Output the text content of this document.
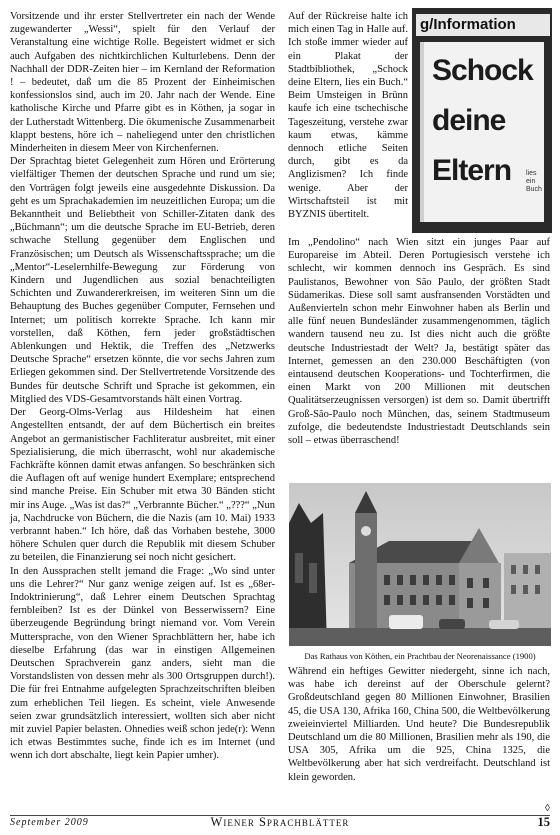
Vorsitzende und ihr erster Stellvertreter ein nach der Wende zugewanderter „Wessi“, spielt für den Verlauf der Veranstaltung eine wichtige Rolle. Begeistert widmet er sich auch Aufgaben des nichtkirchlichen Kulturlebens. Denn der Nachhall der DDR-Zeiten hier – im Kernland der Reformation ! – bedeutet, daß um die 85 Prozent der Einheimischen konfessionslos sind, auch im 20. Jahr nach der Wende. Eine katholische Kirche und Pfarre gibt es in Köthen, ja sogar in der Lutherstadt Wittenberg. Die ökumenische Zusammenarbeit klappt bestens, höre ich – naheliegend unter den christlichen Minderheiten in diesem Meer von Kirchenfernen.

Der Sprachtag bietet Gelegenheit zum Hören und Erörterung vielfältiger Themen der deutschen Sprache und rund um sie; den Vorträgen folgt jeweils eine ausgedehnte Diskussion. Da geht es um Sprachakademien im neuzeitlichen Europa; um die Bekanntheit und Beliebtheit von Schiller-Zitaten dank des „Büchmann“; um die deutsche Sprache im EU-Betrieb, deren schwache Stellung gegenüber dem Englischen und Französischen; um Deutsch als Wissenschaftssprache; um die „Mentor“-Leselernhilfe-Bewegung zur Förderung von Kindern und Jugendlichen aus sozial benachteiligten Schichten und Zuwandererkreisen, im weiteren Sinn um die Behauptung des Buches gegenüber Computer, Fernsehen und Internet; um politisch korrekte Sprache. Ich kann mir vorstellen, daß Köthen, fern jeder großstädtischen Ablenkungen und Hektik, die Treffen des „Netzwerks Deutsche Sprache“ ersetzen könnte, die vor sechs Jahren zum Erliegen gekommen sind. Der Stellvertretende Vorsitzende des Bundes für deutsche Schrift und Sprache ist gekommen, ein Mitglied des VDS-Gesamtvorstands hält einen Vortrag.

Der Georg-Olms-Verlag aus Hildesheim hat einen Angestellten entsandt, der auf dem Büchertisch ein breites Angebot an germanistischer Fachliteratur ausbreitet, mit einer Spezialisierung, die mich überrascht, wohl nur akademische Fachkräfte können damit etwas anfangen. So beschränken sich die Auflagen oft auf wenige hundert Exemplare; entsprechend sind manche Preise. Ein Schuber mit etwa 30 Bänden sticht mir ins Auge. „Was ist das?“ „Verbrannte Bücher.“ „???“ „Nun ja, Nachdrucke von Büchern, die die Nazis (am 10. Mai) 1933 verbrannt haben.“ Ich höre, daß das Vorhaben bestehe, 3000 höhere Schulen quer durch die Republik mit diesem Schuber zu beteilen, die Finanzierung sei noch nicht gesichert.

In den Aussprachen stellt jemand die Frage: „Wo sind unter uns die Lehrer?“ Nur ganz wenige zeigen auf. Ist es „68er-Indoktrinierung“, daß Lehrer einem Deutschen Sprachtag fernbleiben? Ist es der Dünkel von Besserwissern? Eine überzeugende Begründung bringt niemand vor. Vom Verein Muttersprache, von den Wiener Sprachblättern her, habe ich dieselbe Erfahrung (das war in einstigen Allgemeinen Deutschen Sprachverein ganz anders, sieht man die Vorstandslisten von dessen mehr als 300 Ortsgruppen durch!). Die für frei Entnahme aufgelegten Sprachzeitschriften bleiben zum erheblichen Teil liegen. Es scheint, viele Anwesende seien zwar grundsätzlich interessiert, wollten sich aber nicht mit zuviel Papier belasten. Ohnedies weiß schon jede(r): Wenn ich etwas Bestimmtes suche, finde ich es im Internet (und wenn ich dort abschalte, liegt kein Papier umher).

Auf der Rückreise halte ich mich einen Tag in Halle auf. Ich stoße immer wieder auf ein Plakat der Stadtbibliothek, „Schock deine Eltern, lies ein Buch.“ Beim Umsteigen in Brünn kaufe ich eine tschechische Tageszeitung, verstehe zwar kaum etwas, kämme dennoch etliche Seiten durch, gibt es da Anglizismen? Ich finde wenige. Aber der Wirtschaftsteil ist mit BYZNIS übertitelt.

g/Information
Schock
deine
Eltern lies
ein
Buch

Im „Pendolino“ nach Wien sitzt ein junges Paar auf Europareise im Abteil. Deren Portugiesisch verstehe ich schlecht, wir kommen dennoch ins Gespräch. Es sind Paulistanos, Bewohner von São Paulo, der größten Stadt Südamerikas. Diese soll samt ausfransenden Vorstädten und Außenvierteln schon mehr Einwohner haben als Berlin und alle fünf neuen Bundesländer zusammengenommen, täglich wandern tausend neu zu. Ist dies nicht auch die größte deutsche Industriestadt der Welt? Ja, bestätigt später das Internet, gemessen an den 230.000 Beschäftigten (von eintausend deutschen Kooperations- und Tochterfirmen, die einen Markt von 200 Millionen mit deutschen Qualitätserzeugnissen versorgen) ist dem so. Damit übertrifft Groß-São-Paulo noch München, das, seinem Stadtmuseum zufolge, die bedeutendste Industriestadt Deutschlands sein soll – etwas überraschend!

Das Rathaus von Köthen, ein Prachtbau der Neorenaissance (1900)

Während ein heftiges Gewitter niedergeht, sinne ich nach, was habe ich dereinst auf der Oberschule gelernt? Großdeutschland gegen 80 Millionen Einwohner, Brasilien 45, die USA 130, Afrika 160, China 500, die Weltbevölkerung zweieinviertel Milliarden. Und heute? Die Bundesrepublik Deutschland um die 80 Millionen, Brasilien mehr als 190, die USA 305, Afrika um die 925, China 1325, die Weltbevölkerung aber hat sich verdreifacht. Deutschland ist klein geworden.

◊
September 2009	Wiener Sprachblätter	15
